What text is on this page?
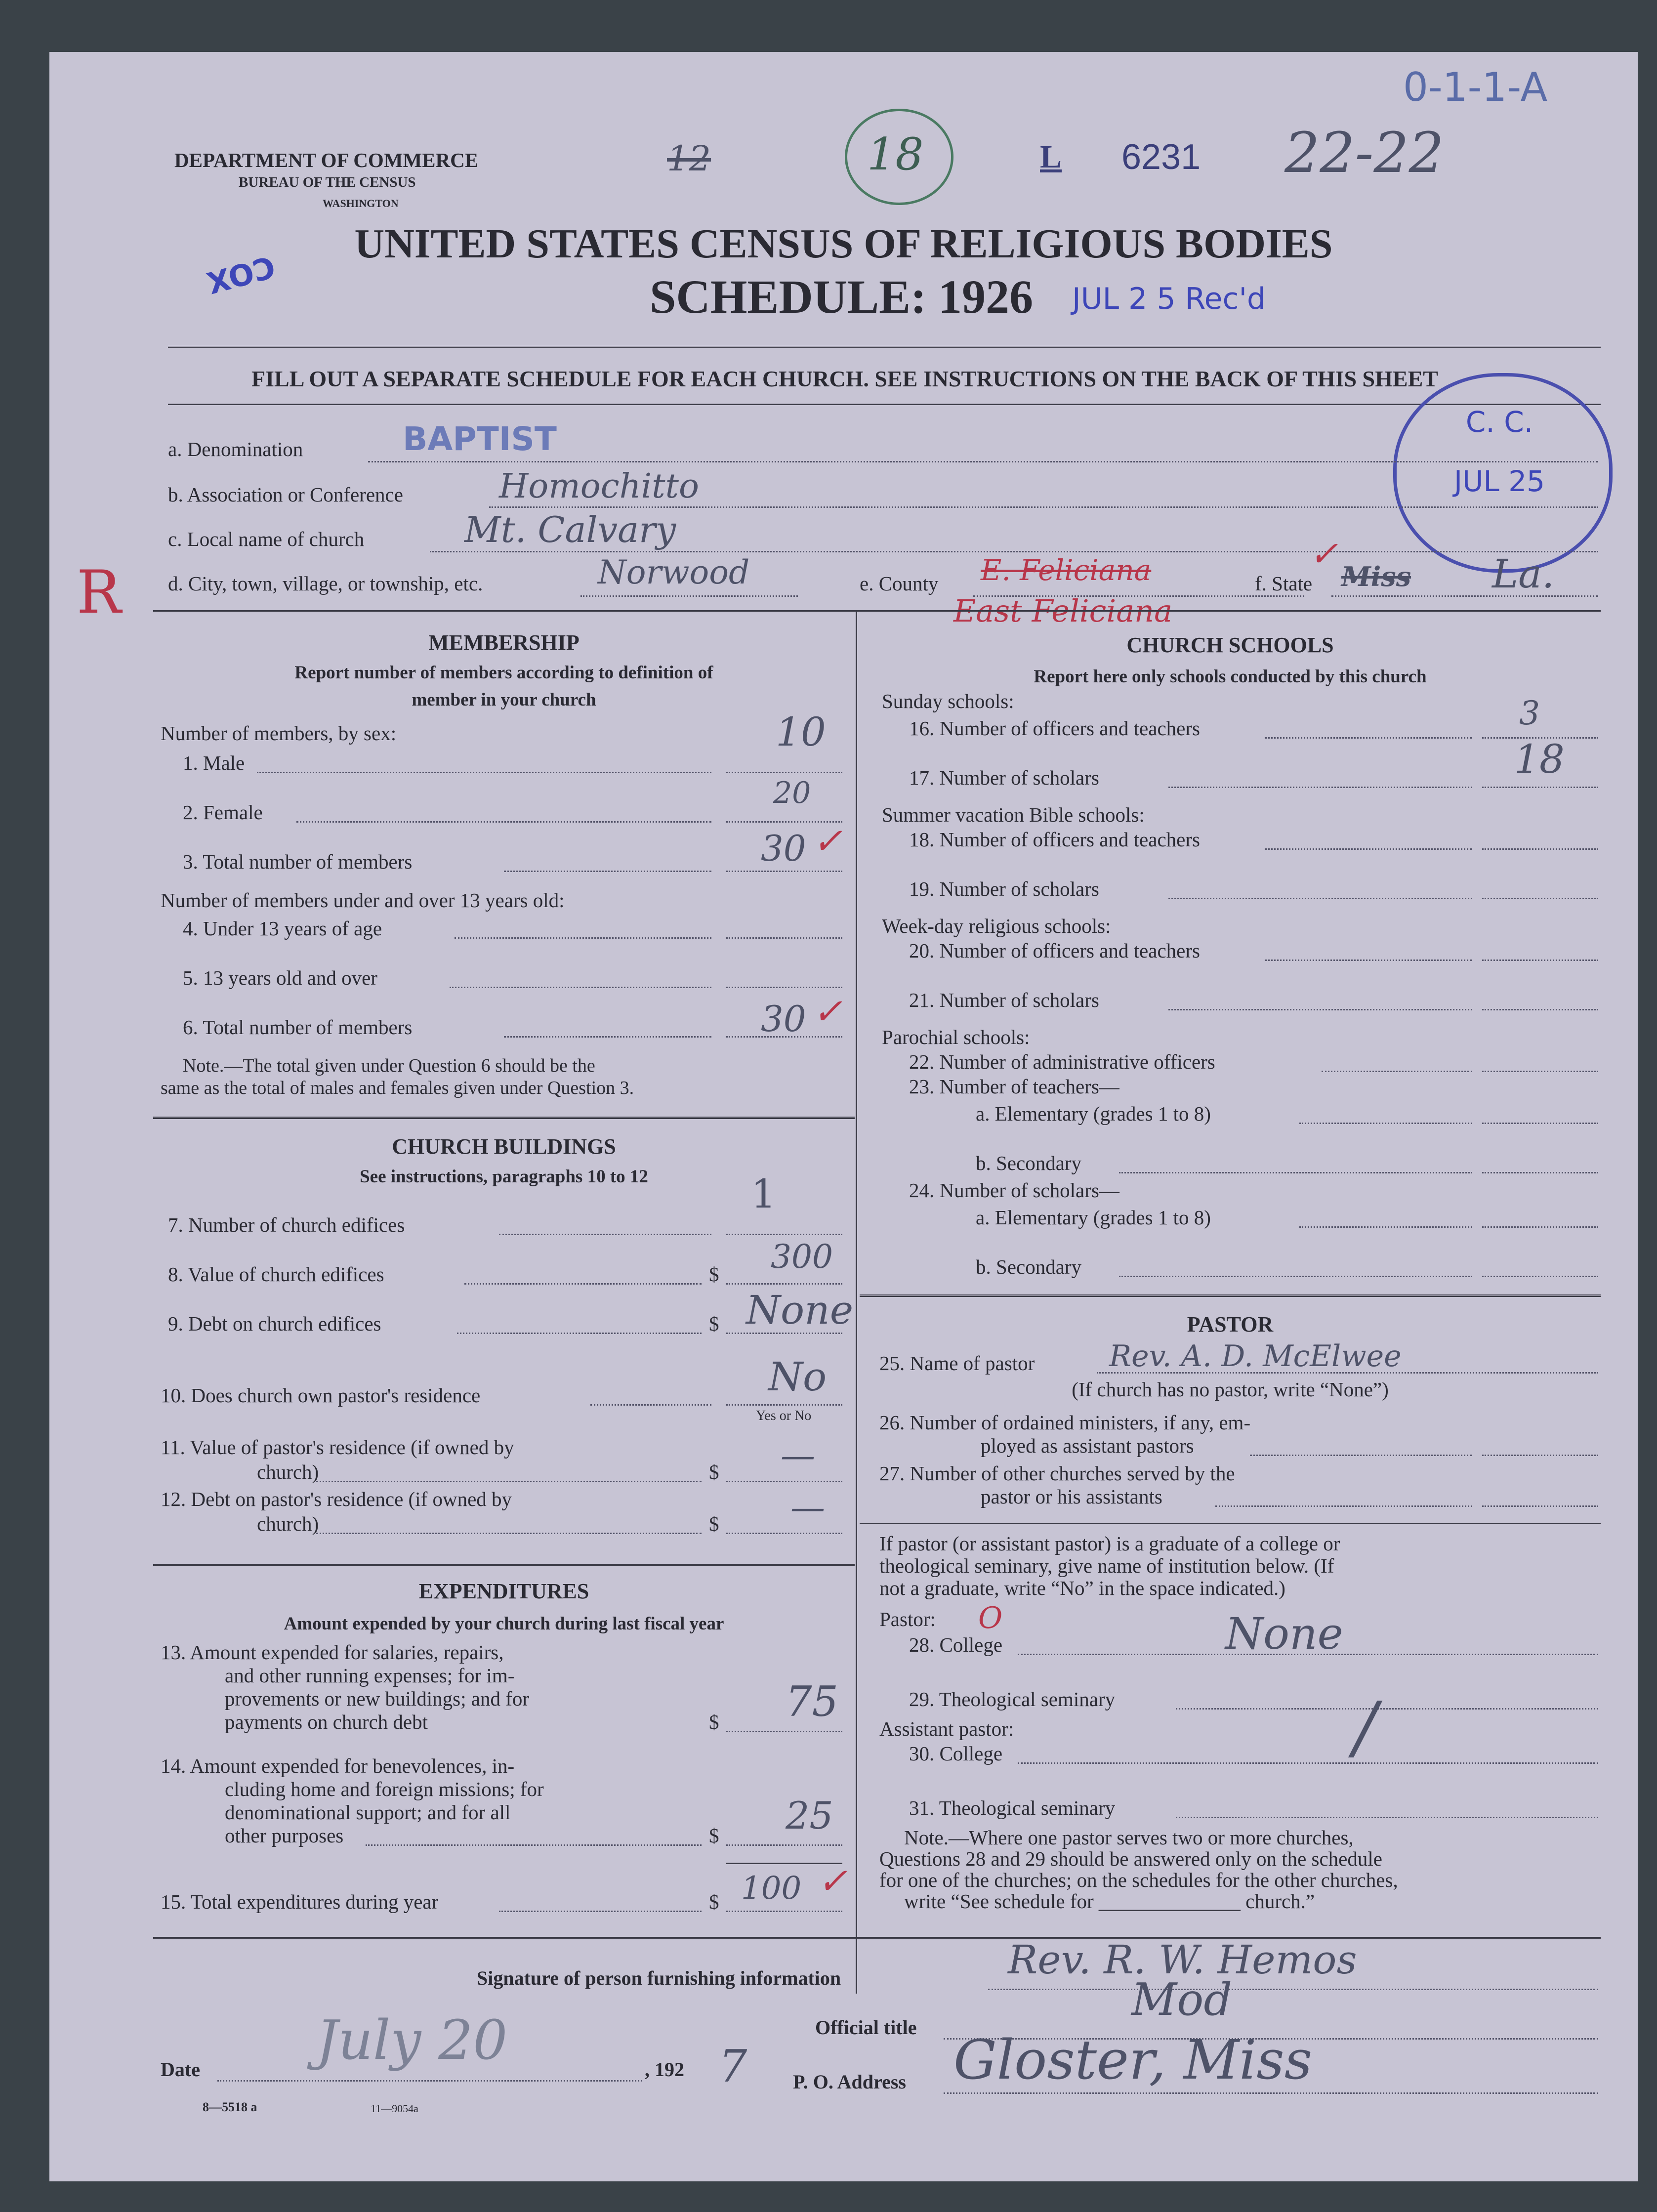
DEPARTMENT OF COMMERCE
BUREAU OF THE CENSUS
WASHINGTON
12	18	L 6231 22-22
0-1-1-A
COX
UNITED STATES CENSUS OF RELIGIOUS BODIES
SCHEDULE: 1926 JUL 2 5 Rec'd
FILL OUT A SEPARATE SCHEDULE FOR EACH CHURCH. SEE INSTRUCTIONS ON THE BACK OF THIS SHEET
C. C.
JUL 25
a. Denomination	BAPTIST
b. Association or Conference	Homochitto
c. Local name of church	Mt. Calvary
R d. City, town, village, or township, etc.	Norwood	e. County E. Feliciana
East Feliciana
✓
f. State Miss La.
MEMBERSHIP
Report number of members according to definition of
member in your church
Number of members, by sex:
1. Male
10
2. Female
20
3. Total number of members	30 ✓
Number of members under and over 13 years old:
4. Under 13 years of age
5. 13 years old and over
6. Total number of members	30 ✓
Note.—The total given under Question 6 should be the
same as the total of males and females given under Question 3.
CHURCH BUILDINGS
See instructions, paragraphs 10 to 12
7. Number of church edifices
1
8. Value of church edifices	$ 300
9. Debt on church edifices	$ None
10. Does church own pastor's residence	No
Yes or No
11. Value of pastor's residence (if owned by
church)	$ —
12. Debt on pastor's residence (if owned by
church)	$ —
EXPENDITURES
Amount expended by your church during last fiscal year
13. Amount expended for salaries, repairs,
and other running expenses; for im-
provements or new buildings; and for
payments on church debt	$ 75
14. Amount expended for benevolences, in-
cluding home and foreign missions; for
denominational support; and for all
other purposes	$ 25
15. Total expenditures during year	$ 100 ✓
CHURCH SCHOOLS
Report here only schools conducted by this church
Sunday schools:
16. Number of officers and teachers	3
17. Number of scholars	18
Summer vacation Bible schools:
18. Number of officers and teachers
19. Number of scholars
Week-day religious schools:
20. Number of officers and teachers
21. Number of scholars
Parochial schools:
22. Number of administrative officers
23. Number of teachers—
a. Elementary (grades 1 to 8)
b. Secondary
24. Number of scholars—
a. Elementary (grades 1 to 8)
b. Secondary
PASTOR
25. Name of pastor	Rev. A. D. McElwee
(If church has no pastor, write “None”)
26. Number of ordained ministers, if any, em-
ployed as assistant pastors
27. Number of other churches served by the
pastor or his assistants
If pastor (or assistant pastor) is a graduate of a college or
theological seminary, give name of institution below. (If
not a graduate, write “No” in the space indicated.)
Pastor: O
28. College	None
29. Theological seminary	/
Assistant pastor:
30. College
31. Theological seminary
Note.—Where one pastor serves two or more churches,
Questions 28 and 29 should be answered only on the schedule
for one of the churches; on the schedules for the other churches,
write “See schedule for ______________ church.”
Signature of person furnishing information	Rev. R. W. Hemos
Official title
Mod
Date July 20	, 192 7 P. O. Address Gloster, Miss
8—5518 a	11—9054a
